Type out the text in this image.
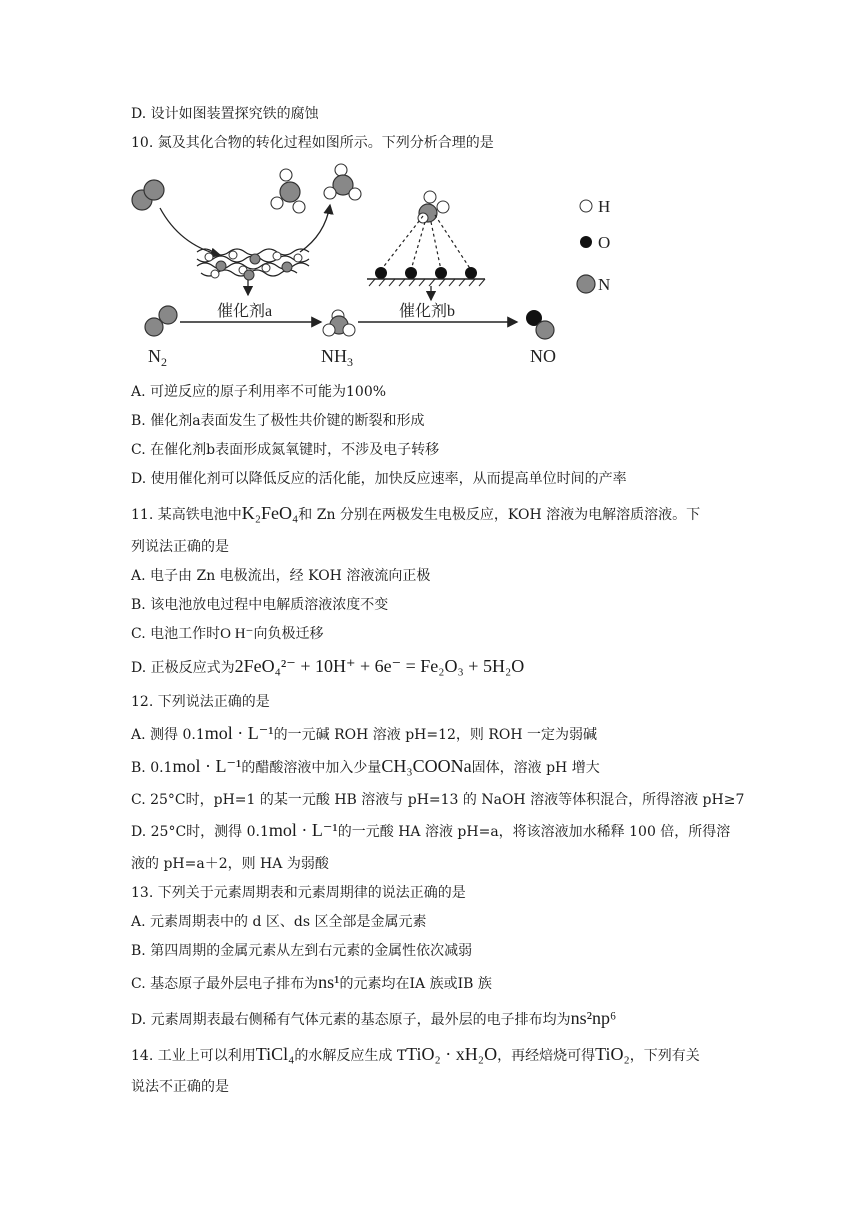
D. 设计如图装置探究铁的腐蚀
10. 氮及其化合物的转化过程如图所示。下列分析合理的是
催化剂a	催化剂b
$N_2$	$NH_3$	NO
H
O
N
A. 可逆反应的原子利用率不可能为100%
B. 催化剂a表面发生了极性共价键的断裂和形成
C. 在催化剂b表面形成氮氧键时，不涉及电子转移
D. 使用催化剂可以降低反应的活化能，加快反应速率，从而提高单位时间的产率
11. 某高铁电池中K₂FeO₄和 Zn 分别在两极发生电极反应，KOH 溶液为电解溶质溶液。下
列说法正确的是
A. 电子由 Zn 电极流出，经 KOH 溶液流向正极
B. 该电池放电过程中电解质溶液浓度不变
C. 电池工作时O H⁻向负极迁移
D. 正极反应式为2FeO₄²⁻ + 10H⁺ + 6e⁻ = Fe₂O₃ + 5H₂O
12. 下列说法正确的是
A. 测得 0.1mol · L⁻¹的一元碱 ROH 溶液 pH=12，则 ROH 一定为弱碱
B. 0.1mol · L⁻¹的醋酸溶液中加入少量CH₃COONa固体，溶液 pH 增大
C. 25°C时，pH=1 的某一元酸 HB 溶液与 pH=13 的 NaOH 溶液等体积混合，所得溶液 pH≥7
D. 25°C时，测得 0.1mol · L⁻¹的一元酸 HA 溶液 pH=a，将该溶液加水稀释 100 倍，所得溶
液的 pH=a＋2，则 HA 为弱酸
13. 下列关于元素周期表和元素周期律的说法正确的是
A. 元素周期表中的 d 区、ds 区全部是金属元素
B. 第四周期的金属元素从左到右元素的金属性依次减弱
C. 基态原子最外层电子排布为ns¹的元素均在IA 族或IB 族
D. 元素周期表最右侧稀有气体元素的基态原子，最外层的电子排布均为ns²np⁶
14. 工业上可以利用TiCl₄的水解反应生成 TTiO₂ · xH₂O，再经焙烧可得TiO₂，下列有关
说法不正确的是
